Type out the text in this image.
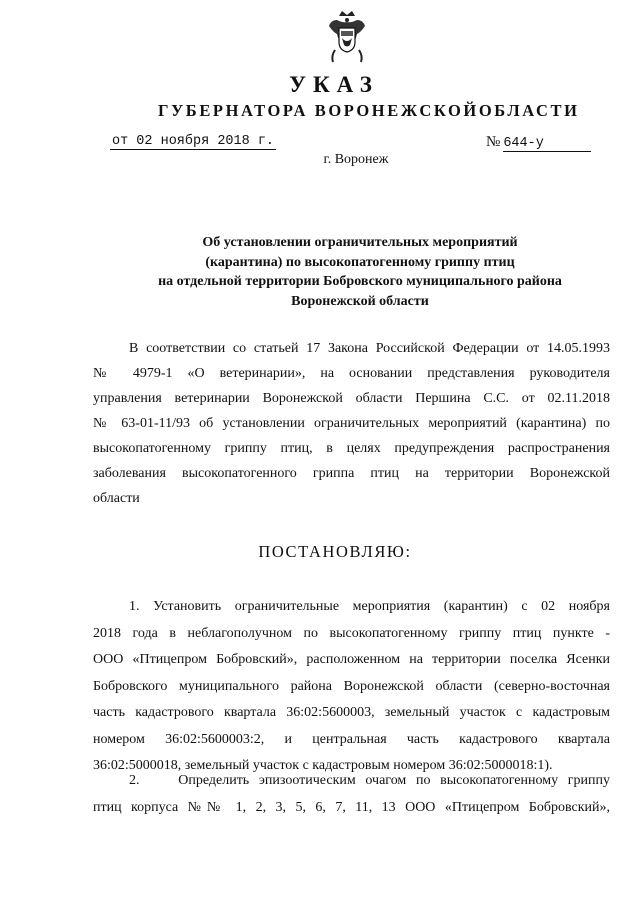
УКАЗ
ГУБЕРНАТОРА ВОРОНЕЖСКОЙОБЛАСТИ
от 02 ноября 2018 г.	№ 644-у
г. Воронеж
Об установлении ограничительных мероприятий
(карантина) по высокопатогенному гриппу птиц
на отдельной территории Бобровского муниципального района
Воронежской области
В соответствии со статьей 17 Закона Российской Федерации от 14.05.1993
№ 4979-1 «О ветеринарии», на основании представления руководителя
управления ветеринарии Воронежской области Першина С.С. от 02.11.2018
№ 63-01-11/93 об установлении ограничительных мероприятий (карантина) по
высокопатогенному гриппу птиц, в целях предупреждения распространения
заболевания высокопатогенного гриппа птиц на территории Воронежской
области
ПОСТАНОВЛЯЮ:
1. Установить ограничительные мероприятия (карантин) с 02 ноября
2018 года в неблагополучном по высокопатогенному гриппу птиц пункте -
ООО «Птицепром Бобровский», расположенном на территории поселка Ясенки
Бобровского муниципального района Воронежской области (северно-восточная
часть кадастрового квартала 36:02:5600003, земельный участок с кадастровым
номером 36:02:5600003:2, и центральная часть кадастрового квартала
36:02:5000018, земельный участок с кадастровым номером 36:02:5000018:1).
2.    Определить эпизоотическим очагом по высокопатогенному гриппу
птиц корпуса №№ 1, 2, 3, 5, 6, 7, 11, 13 ООО «Птицепром Бобровский»,
